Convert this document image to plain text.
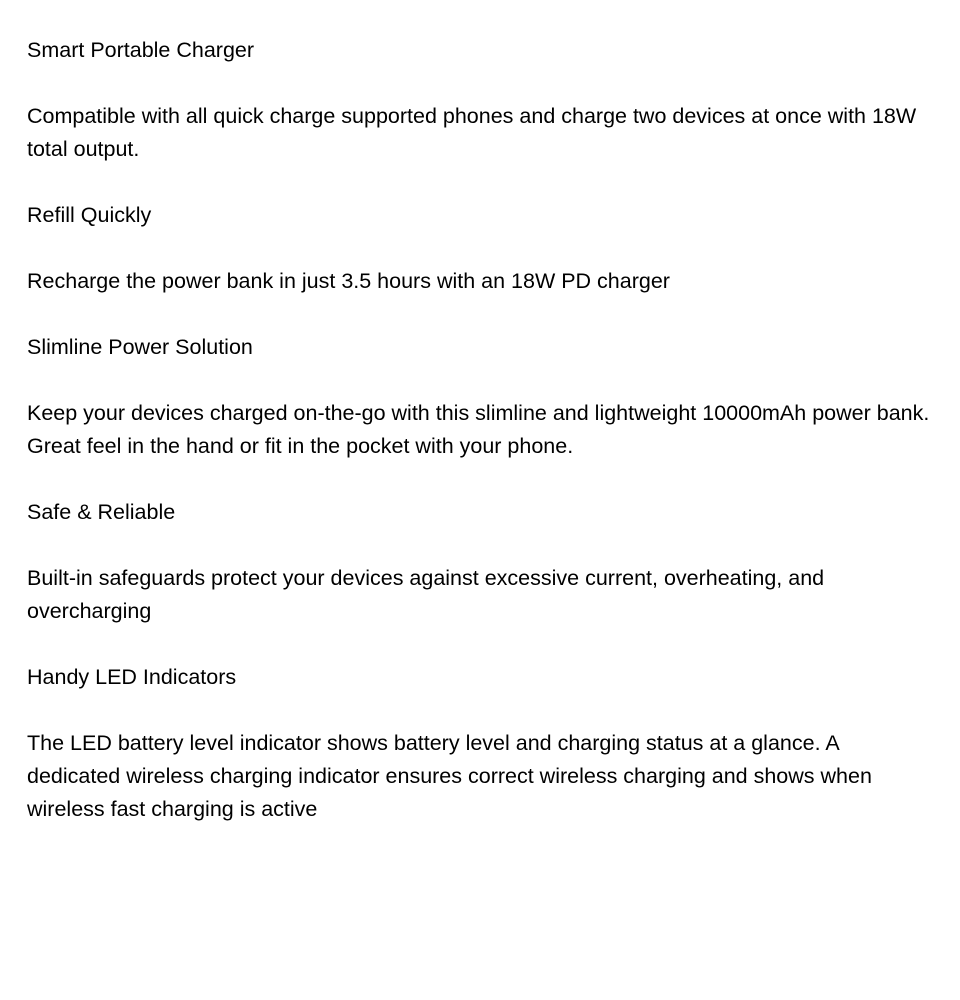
Smart Portable Charger

Compatible with all quick charge supported phones and charge two devices at once with 18W total output.

Refill Quickly

Recharge the power bank in just 3.5 hours with an 18W PD charger

Slimline Power Solution

Keep your devices charged on-the-go with this slimline and lightweight 10000mAh power bank. Great feel in the hand or fit in the pocket with your phone.

Safe & Reliable

Built-in safeguards protect your devices against excessive current, overheating, and overcharging

Handy LED Indicators

The LED battery level indicator shows battery level and charging status at a glance. A dedicated wireless charging indicator ensures correct wireless charging and shows when wireless fast charging is active
